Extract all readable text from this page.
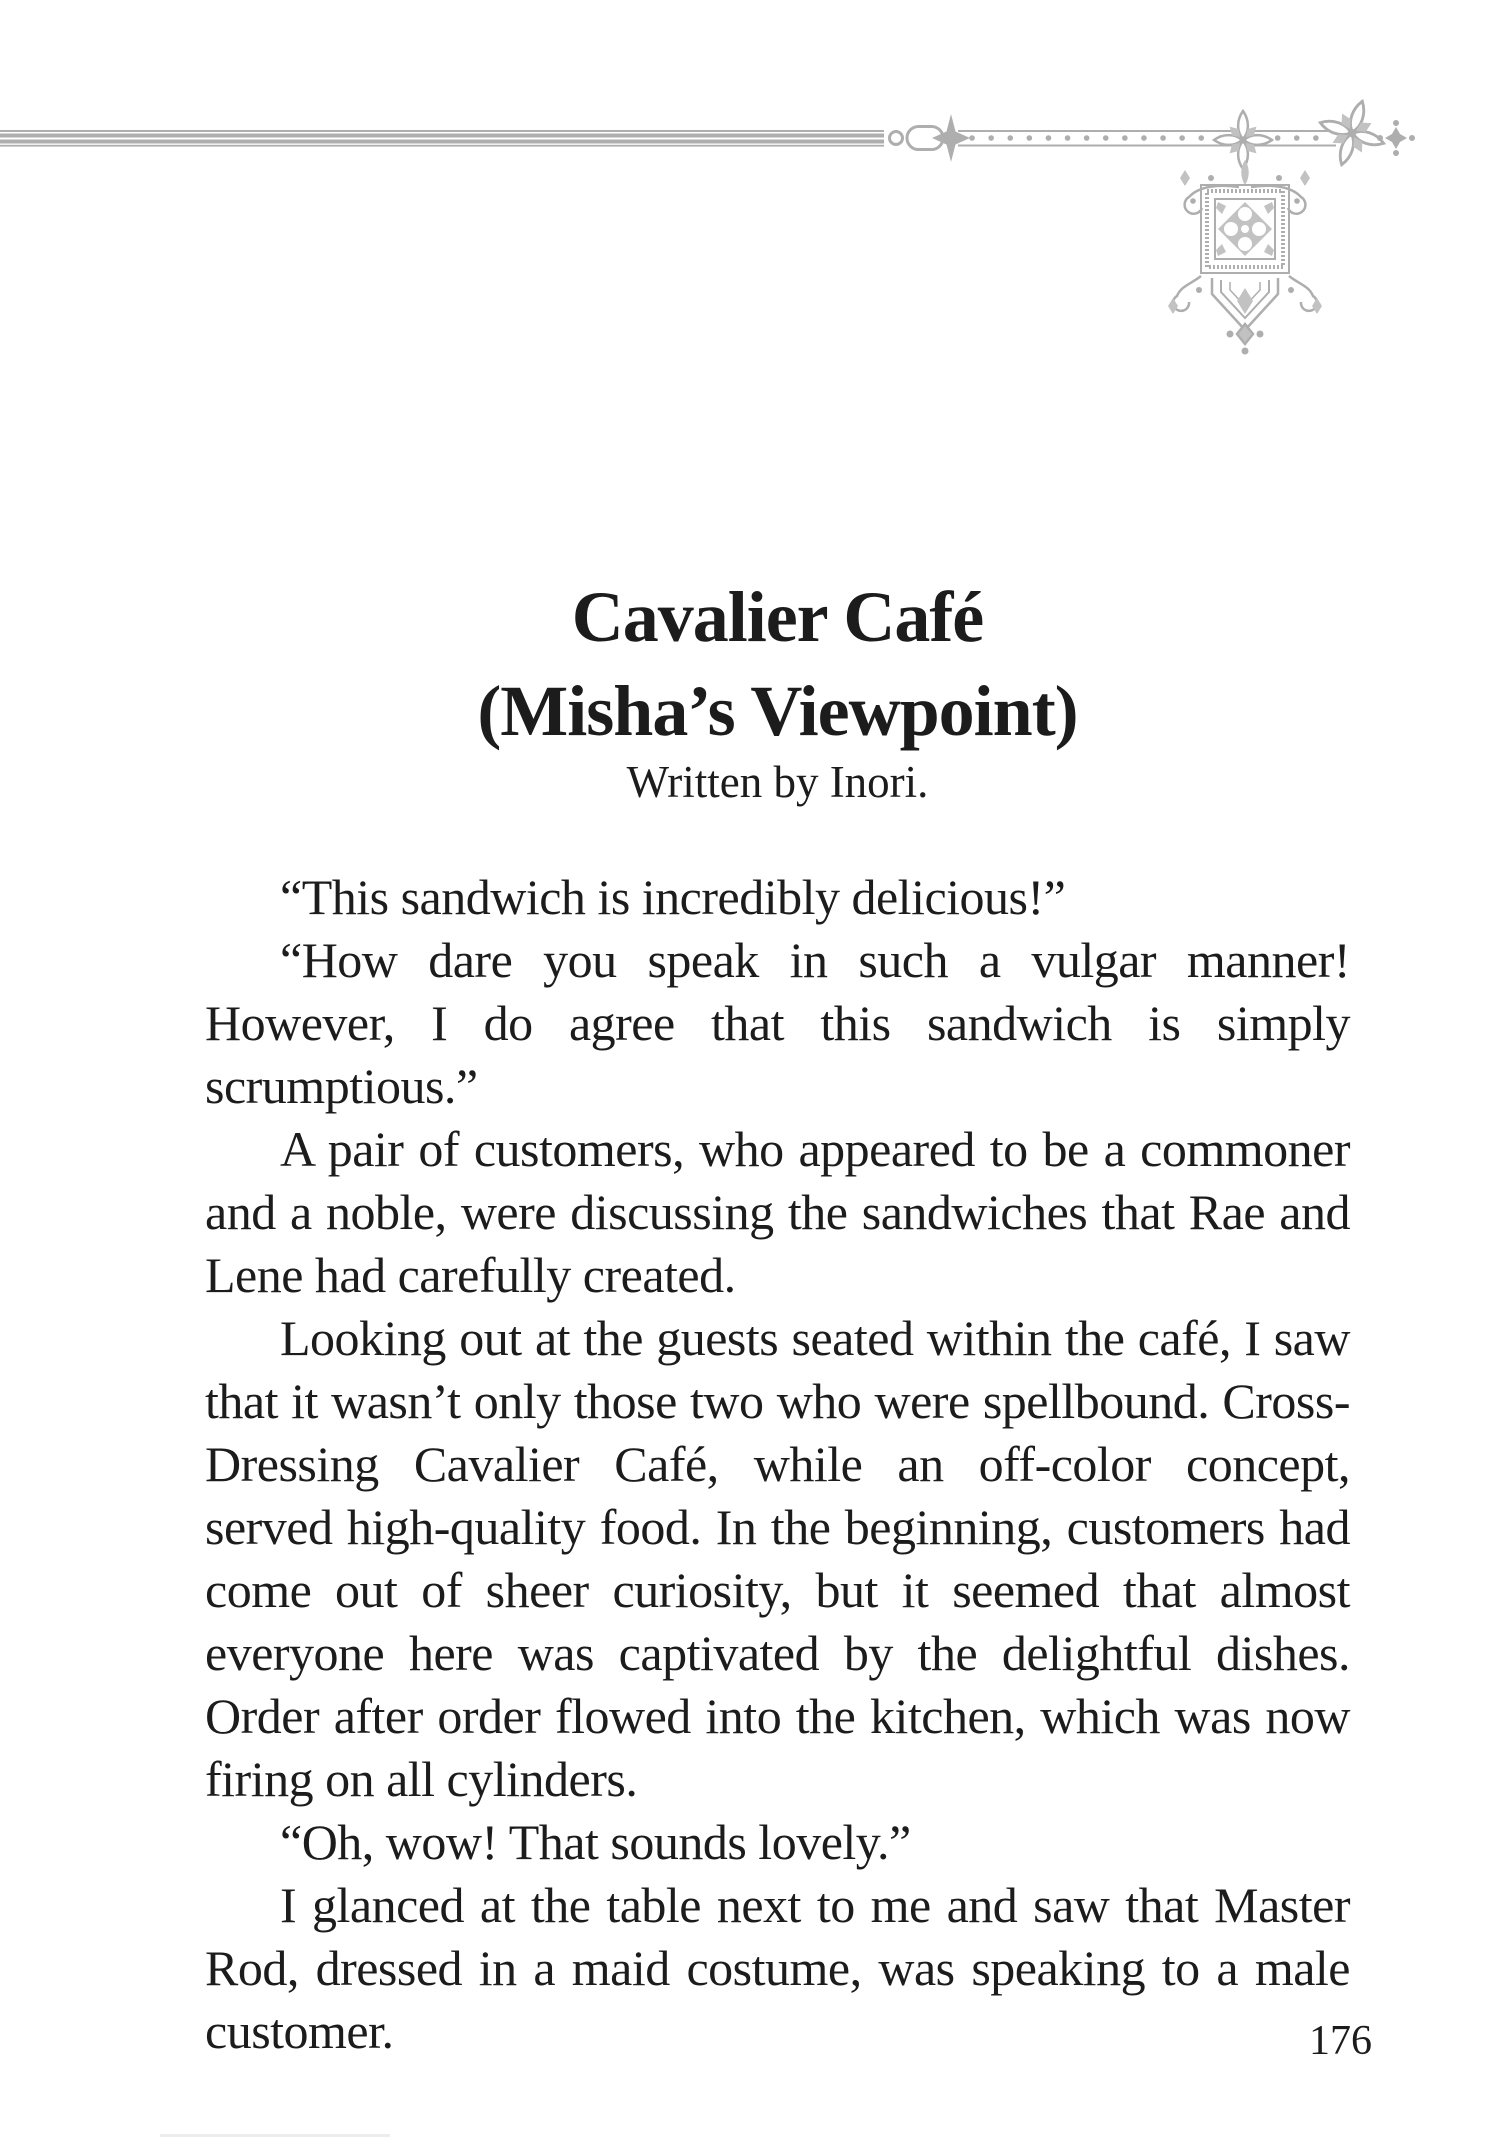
Cavalier Café
(Misha’s Viewpoint)
Written by Inori.

“This sandwich is incredibly delicious!”

“How dare you speak in such a vulgar manner! However, I do agree that this sandwich is simply scrumptious.”

A pair of customers, who appeared to be a commoner and a noble, were discussing the sandwiches that Rae and Lene had carefully created.

Looking out at the guests seated within the café, I saw that it wasn’t only those two who were spellbound. Cross-Dressing Cavalier Café, while an off-color concept, served high-quality food. In the beginning, customers had come out of sheer curiosity, but it seemed that almost everyone here was captivated by the delightful dishes. Order after order flowed into the kitchen, which was now firing on all cylinders.

“Oh, wow! That sounds lovely.”

I glanced at the table next to me and saw that Master Rod, dressed in a maid costume, was speaking to a male customer.	176
